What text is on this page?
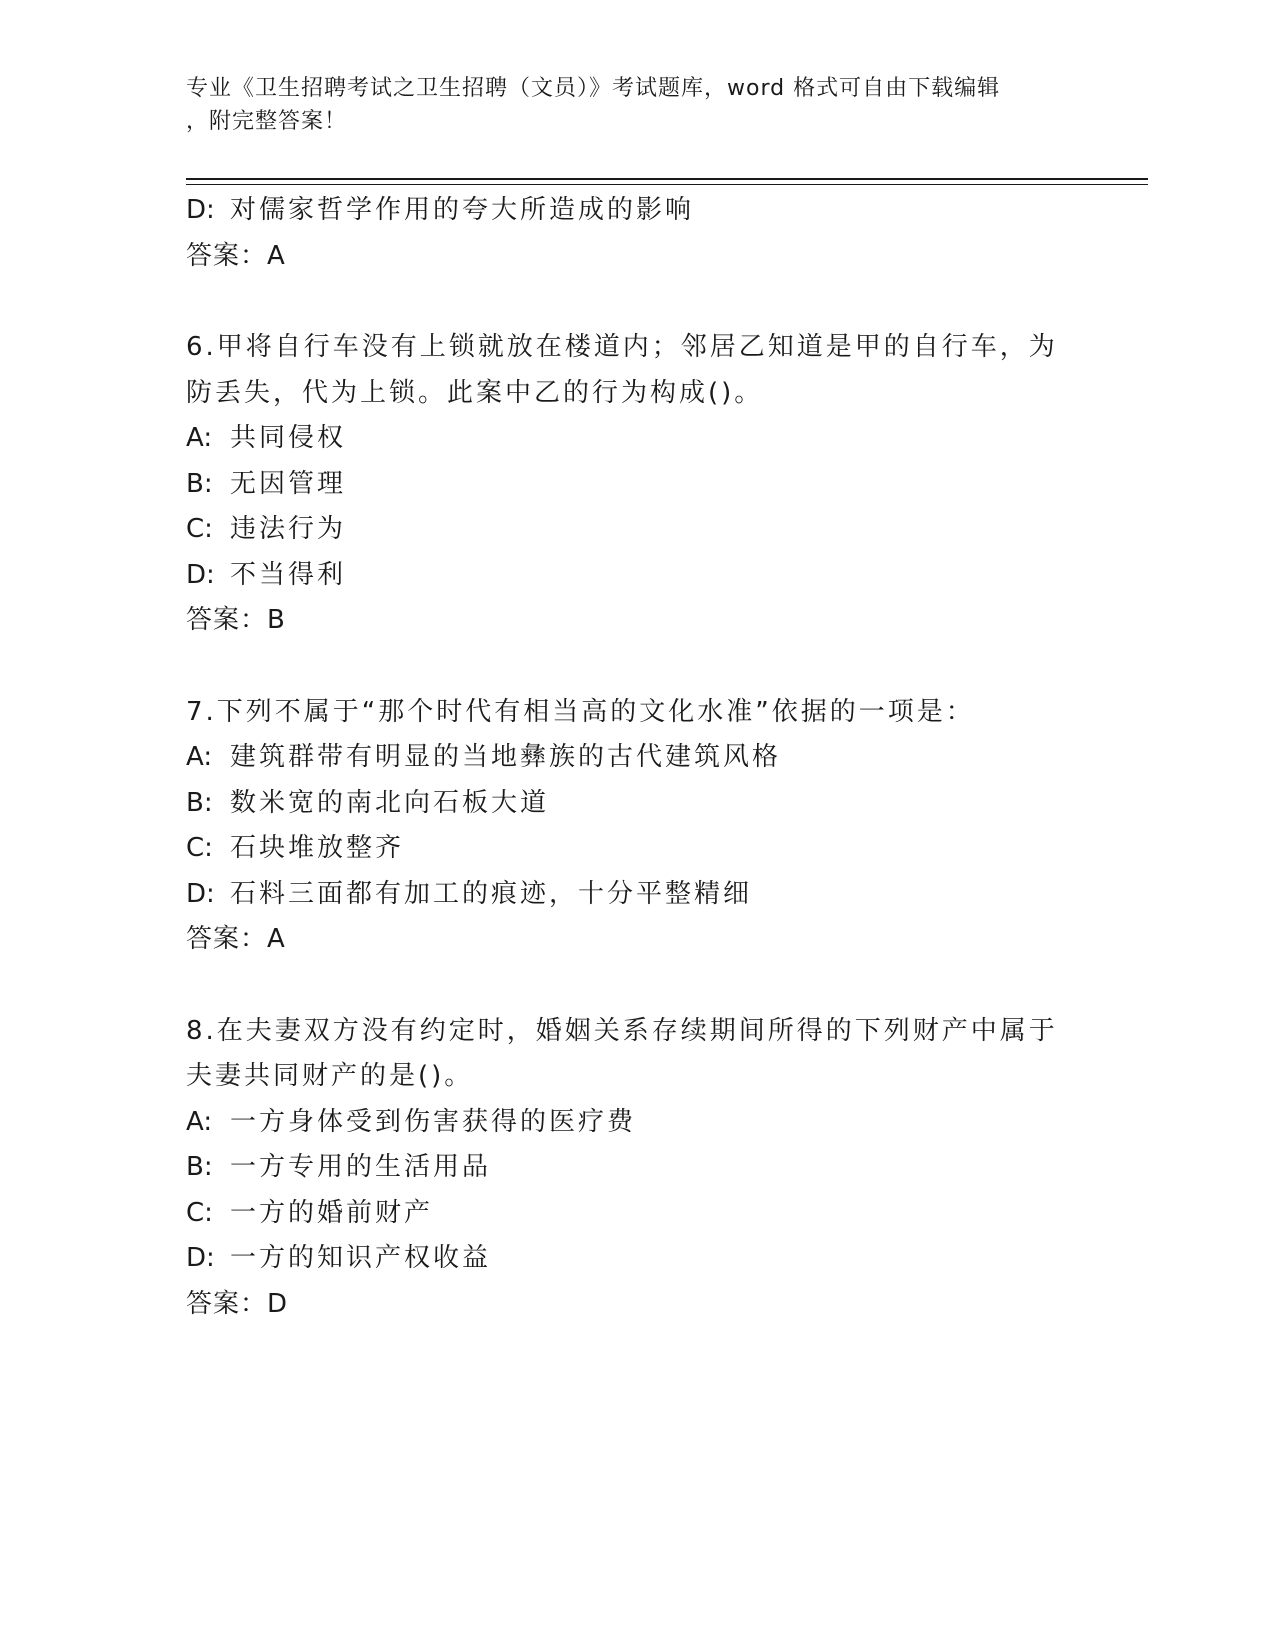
专业《卫生招聘考试之卫生招聘（文员）》考试题库，word 格式可自由下载编辑
，附完整答案！
D: 对儒家哲学作用的夸大所造成的影响
答案：A
6.甲将自行车没有上锁就放在楼道内；邻居乙知道是甲的自行车，为
防丢失，代为上锁。此案中乙的行为构成()。
A: 共同侵权
B: 无因管理
C: 违法行为
D: 不当得利
答案：B
7.下列不属于“那个时代有相当高的文化水准”依据的一项是：
A: 建筑群带有明显的当地彝族的古代建筑风格
B: 数米宽的南北向石板大道
C: 石块堆放整齐
D: 石料三面都有加工的痕迹，十分平整精细
答案：A
8.在夫妻双方没有约定时，婚姻关系存续期间所得的下列财产中属于
夫妻共同财产的是()。
A: 一方身体受到伤害获得的医疗费
B: 一方专用的生活用品
C: 一方的婚前财产
D: 一方的知识产权收益
答案：D
